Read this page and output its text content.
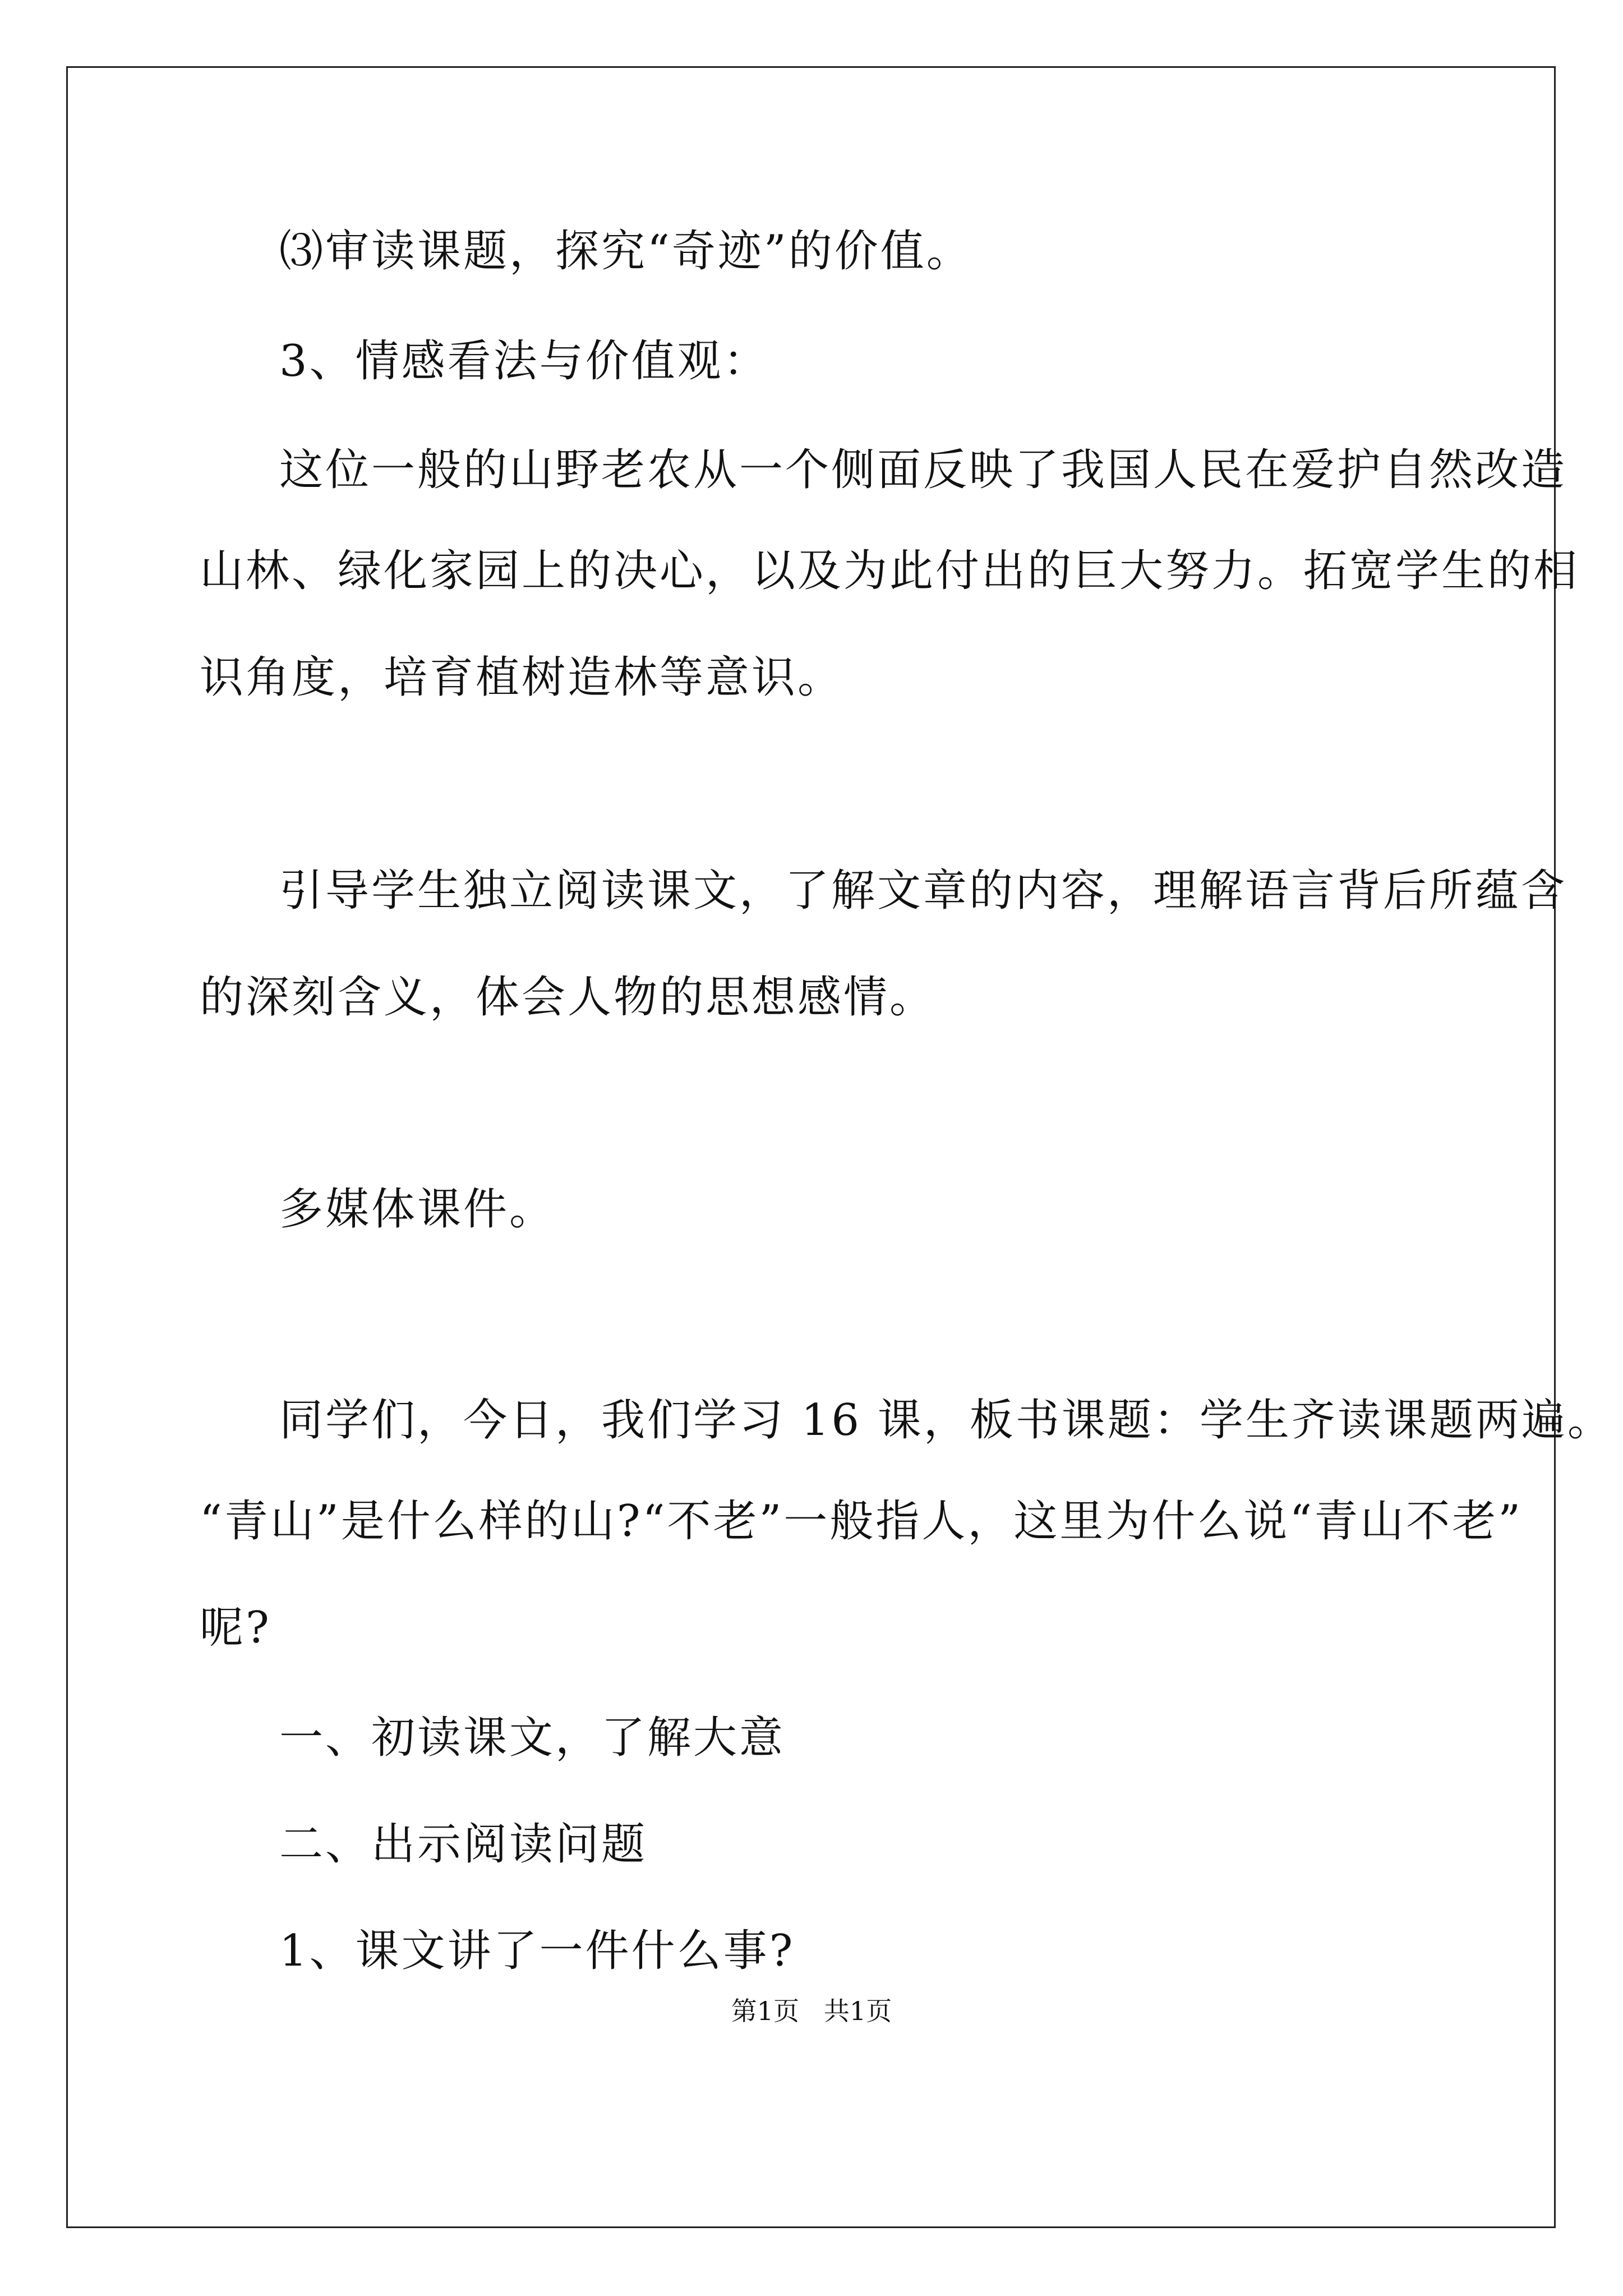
⑶审读课题，探究“奇迹”的价值。
3、情感看法与价值观：
这位一般的山野老农从一个侧面反映了我国人民在爱护自然改造
山林、绿化家园上的决心，以及为此付出的巨大努力。拓宽学生的相
识角度，培育植树造林等意识。
引导学生独立阅读课文，了解文章的内容，理解语言背后所蕴含
的深刻含义，体会人物的思想感情。
多媒体课件。
同学们，今日，我们学习 16 课，板书课题：学生齐读课题两遍。
“青山”是什么样的山?“不老”一般指人，这里为什么说“青山不老”
呢?
一、初读课文，了解大意
二、出示阅读问题
1、课文讲了一件什么事?
第1页   共1页
